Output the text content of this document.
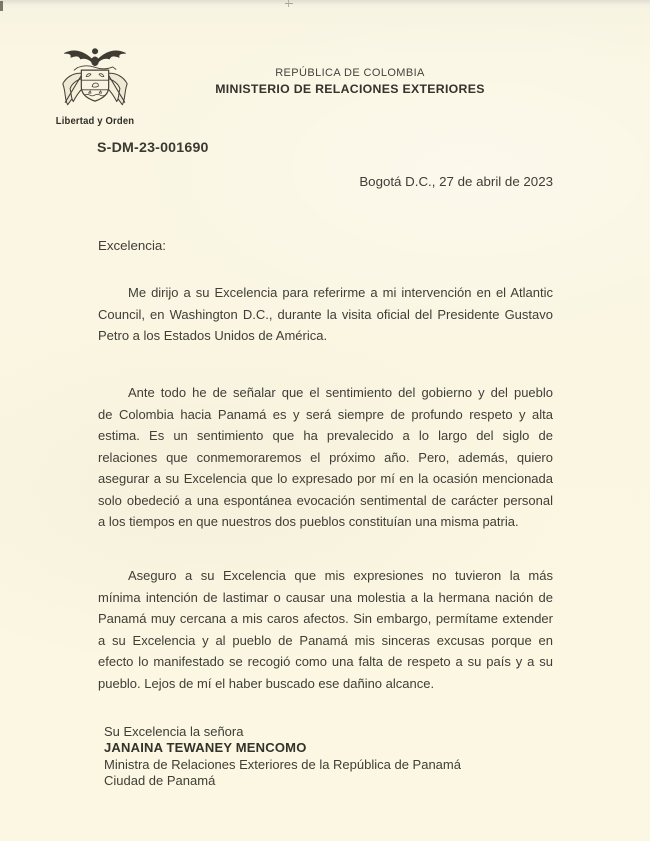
Libertad y Orden
REPÚBLICA DE COLOMBIA
MINISTERIO DE RELACIONES EXTERIORES
S-DM-23-001690
Bogotá D.C., 27 de abril de 2023
Excelencia:
Me dirijo a su Excelencia para referirme a mi intervención en el Atlantic
Council, en Washington D.C., durante la visita oficial del Presidente Gustavo
Petro a los Estados Unidos de América.
Ante todo he de señalar que el sentimiento del gobierno y del pueblo
de Colombia hacia Panamá es y será siempre de profundo respeto y alta
estima. Es un sentimiento que ha prevalecido a lo largo del siglo de
relaciones que conmemoraremos el próximo año. Pero, además, quiero
asegurar a su Excelencia que lo expresado por mí en la ocasión mencionada
solo obedeció a una espontánea evocación sentimental de carácter personal
a los tiempos en que nuestros dos pueblos constituían una misma patria.
Aseguro a su Excelencia que mis expresiones no tuvieron la más
mínima intención de lastimar o causar una molestia a la hermana nación de
Panamá muy cercana a mis caros afectos. Sin embargo, permítame extender
a su Excelencia y al pueblo de Panamá mis sinceras excusas porque en
efecto lo manifestado se recogió como una falta de respeto a su país y a su
pueblo. Lejos de mí el haber buscado ese dañino alcance.
Su Excelencia la señora
JANAINA TEWANEY MENCOMO
Ministra de Relaciones Exteriores de la República de Panamá
Ciudad de Panamá
